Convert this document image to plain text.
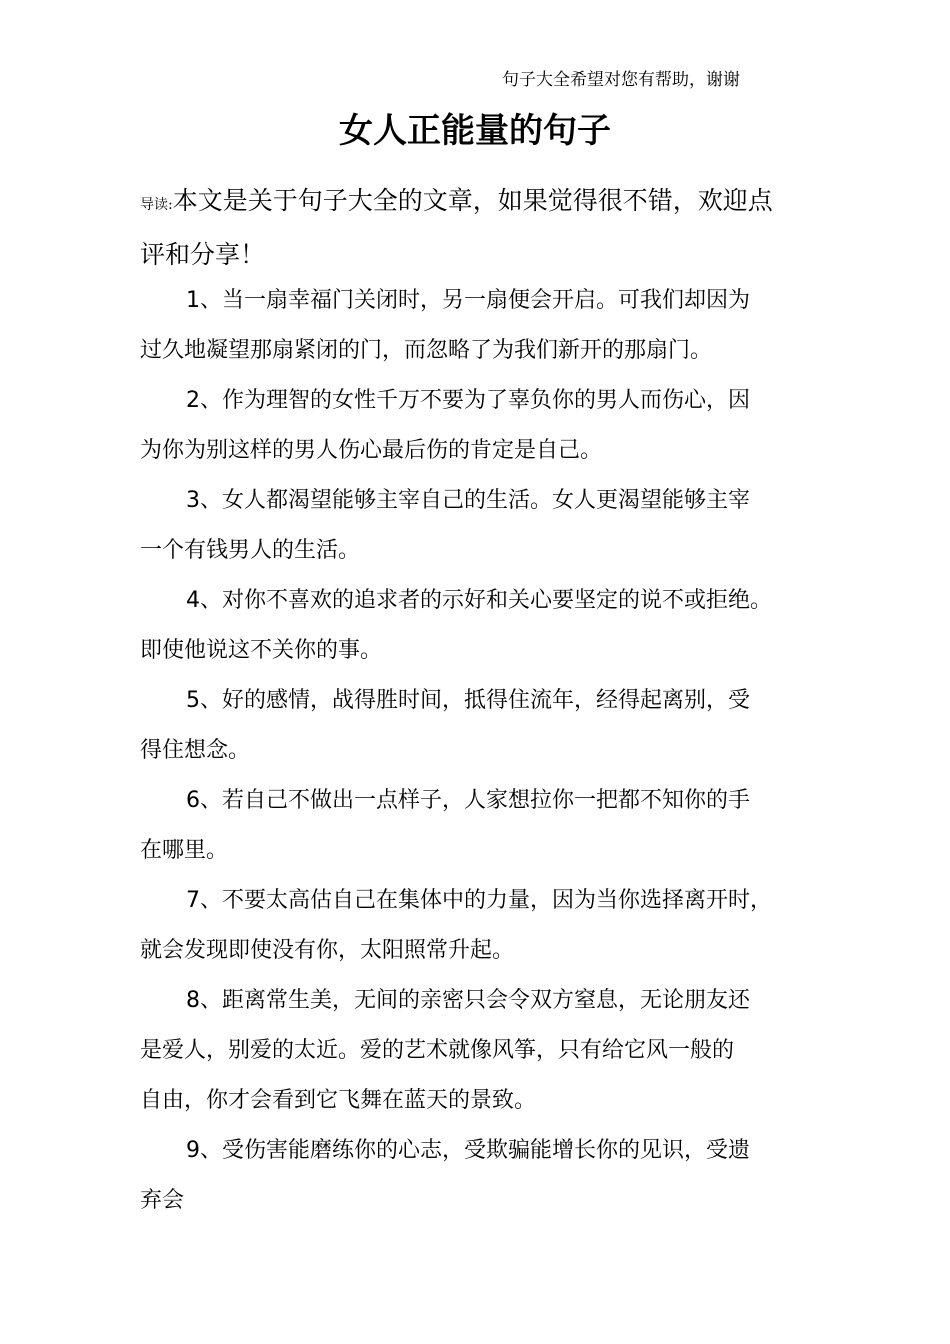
句子大全希望对您有帮助，谢谢
女人正能量的句子
导读:本文是关于句子大全的文章，如果觉得很不错，欢迎点
评和分享！

1、当一扇幸福门关闭时，另一扇便会开启。可我们却因为
过久地凝望那扇紧闭的门，而忽略了为我们新开的那扇门。

2、作为理智的女性千万不要为了辜负你的男人而伤心，因
为你为别这样的男人伤心最后伤的肯定是自己。

3、女人都渴望能够主宰自己的生活。女人更渴望能够主宰
一个有钱男人的生活。

4、对你不喜欢的追求者的示好和关心要坚定的说不或拒绝。
即使他说这不关你的事。

5、好的感情，战得胜时间，抵得住流年，经得起离别，受
得住想念。

6、若自己不做出一点样子，人家想拉你一把都不知你的手
在哪里。

7、不要太高估自己在集体中的力量，因为当你选择离开时，
就会发现即使没有你，太阳照常升起。

8、距离常生美，无间的亲密只会令双方窒息，无论朋友还
是爱人，别爱的太近。爱的艺术就像风筝，只有给它风一般的
自由，你才会看到它飞舞在蓝天的景致。

9、受伤害能磨练你的心志，受欺骗能增长你的见识，受遗
弃会
